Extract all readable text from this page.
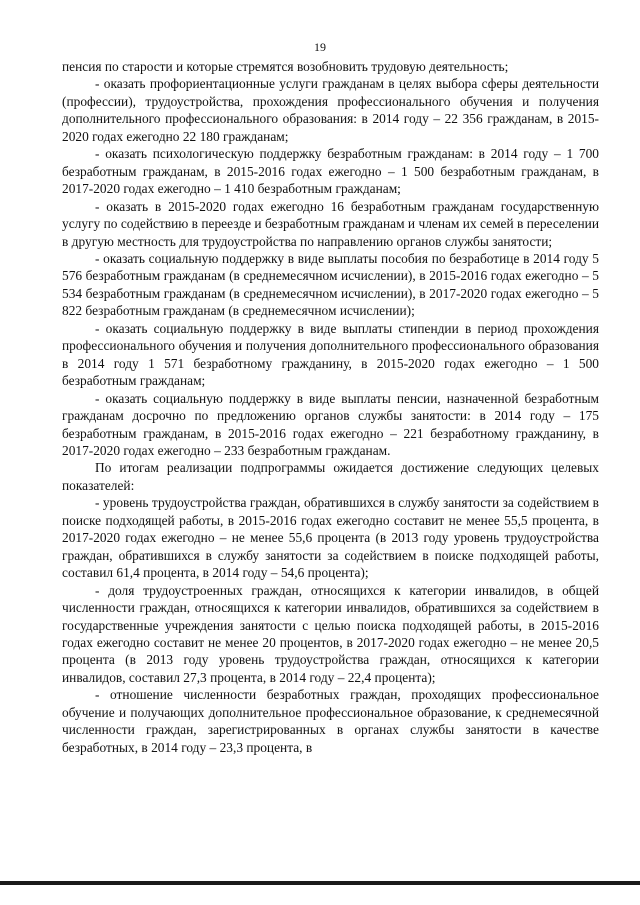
19

пенсия по старости и которые стремятся возобновить трудовую деятельность;

- оказать профориентационные услуги гражданам в целях выбора сферы деятельности (профессии), трудоустройства, прохождения профессионального обучения и получения дополнительного профессионального образования: в 2014 году – 22 356 гражданам, в 2015-2020 годах ежегодно 22 180 гражданам;

- оказать психологическую поддержку безработным гражданам: в 2014 году – 1 700 безработным гражданам, в 2015-2016 годах ежегодно – 1 500 безработным гражданам, в 2017-2020 годах ежегодно – 1 410 безработным гражданам;

- оказать в 2015-2020 годах ежегодно 16 безработным гражданам государственную услугу по содействию в переезде и безработным гражданам и членам их семей в переселении в другую местность для трудоустройства по направлению органов службы занятости;

- оказать социальную поддержку в виде выплаты пособия по безработице в 2014 году 5 576 безработным гражданам (в среднемесячном исчислении), в 2015-2016 годах ежегодно – 5 534 безработным гражданам (в среднемесячном исчислении), в 2017-2020 годах ежегодно – 5 822 безработным гражданам (в среднемесячном исчислении);

- оказать социальную поддержку в виде выплаты стипендии в период прохождения профессионального обучения и получения дополнительного профессионального образования в 2014 году 1 571 безработному гражданину, в 2015-2020 годах ежегодно – 1 500 безработным гражданам;

- оказать социальную поддержку в виде выплаты пенсии, назначенной безработным гражданам досрочно по предложению органов службы занятости: в 2014 году – 175 безработным гражданам, в 2015-2016 годах ежегодно – 221 безработному гражданину, в 2017-2020 годах ежегодно – 233 безработным гражданам.

По итогам реализации подпрограммы ожидается достижение следующих целевых показателей:

- уровень трудоустройства граждан, обратившихся в службу занятости за содействием в поиске подходящей работы, в 2015-2016 годах ежегодно составит не менее 55,5 процента, в 2017-2020 годах ежегодно – не менее 55,6 процента (в 2013 году уровень трудоустройства граждан, обратившихся в службу занятости за содействием в поиске подходящей работы, составил 61,4 процента, в 2014 году – 54,6 процента);

- доля трудоустроенных граждан, относящихся к категории инвалидов, в общей численности граждан, относящихся к категории инвалидов, обратившихся за содействием в государственные учреждения занятости с целью поиска подходящей работы, в 2015-2016 годах ежегодно составит не менее 20 процентов, в 2017-2020 годах ежегодно – не менее 20,5 процента (в 2013 году уровень трудоустройства граждан, относящихся к категории инвалидов, составил 27,3 процента, в 2014 году – 22,4 процента);

- отношение численности безработных граждан, проходящих профессиональное обучение и получающих дополнительное профессиональное образование, к среднемесячной численности граждан, зарегистрированных в органах службы занятости в качестве безработных, в 2014 году – 23,3 процента, в
